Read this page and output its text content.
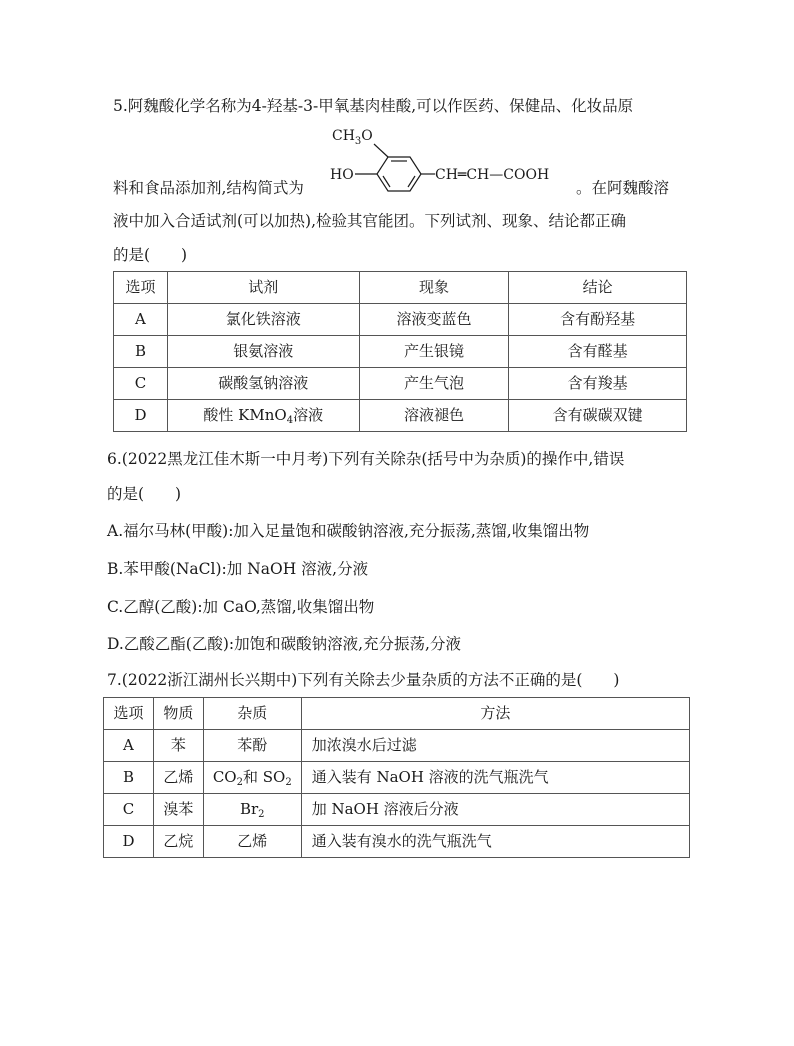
5.阿魏酸化学名称为4-羟基-3-甲氧基肉桂酸,可以作医药、保健品、化妆品原
$CH_3O$
HO	CH═CH—COOH
料和食品添加剂,结构简式为	。在阿魏酸溶
液中加入合适试剂(可以加热),检验其官能团。下列试剂、现象、结论都正确
的是(　　)
选项	试剂	现象	结论
A	氯化铁溶液	溶液变蓝色	含有酚羟基
B	银氨溶液	产生银镜	含有醛基
C	碳酸氢钠溶液	产生气泡	含有羧基
D	酸性 KMnO$_4$溶液	溶液褪色	含有碳碳双键
6.(2022黑龙江佳木斯一中月考)下列有关除杂(括号中为杂质)的操作中,错误
的是(　　)
A.福尔马林(甲酸):加入足量饱和碳酸钠溶液,充分振荡,蒸馏,收集馏出物
B.苯甲酸(NaCl):加 NaOH 溶液,分液
C.乙醇(乙酸):加 CaO,蒸馏,收集馏出物
D.乙酸乙酯(乙酸):加饱和碳酸钠溶液,充分振荡,分液
7.(2022浙江湖州长兴期中)下列有关除去少量杂质的方法不正确的是(　　)
选项	物质	杂质	方法
A	苯	苯酚	加浓溴水后过滤
B	乙烯	$CO_2$和 $SO_2$	通入装有 NaOH 溶液的洗气瓶洗气
C	溴苯	$Br_2$	加 NaOH 溶液后分液
D	乙烷	乙烯	通入装有溴水的洗气瓶洗气
